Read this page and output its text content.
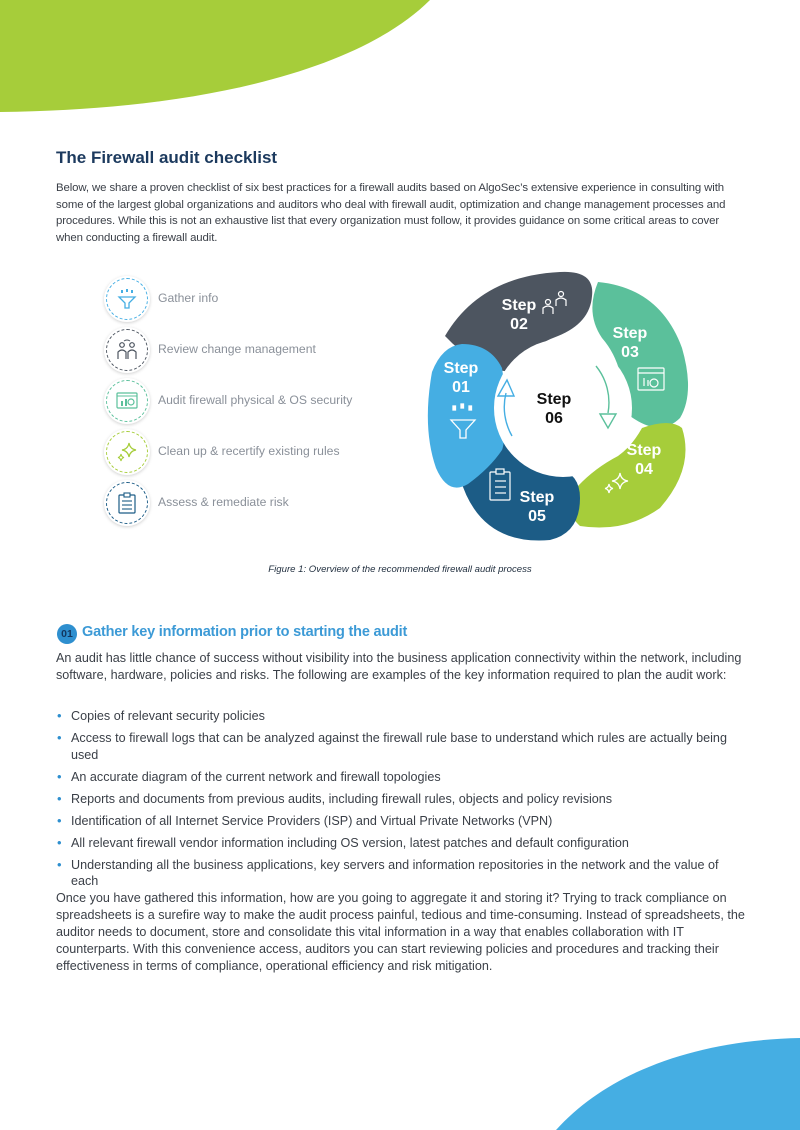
The Firewall audit checklist
Below, we share a proven checklist of six best practices for a firewall audits based on AlgoSec’s extensive experience in consulting with some of the largest global organizations and auditors who deal with firewall audit, optimization and change management processes and procedures. While this is not an exhaustive list that every organization must follow, it provides guidance on some critical areas to cover when conducting a firewall audit.
Gather info
Review change management
Audit firewall physical & OS security
Clean up & recertify existing rules
Assess & remediate risk
Step
02
Step
03
Step
01
Step
04
Step
05
Step
06
Figure 1: Overview of the recommended firewall audit process
01 Gather key information prior to starting the audit
An audit has little chance of success without visibility into the business application connectivity within the network, including software, hardware, policies and risks. The following are examples of the key information required to plan the audit work:
• Copies of relevant security policies
• Access to firewall logs that can be analyzed against the firewall rule base to understand which rules are actually being used
• An accurate diagram of the current network and firewall topologies
• Reports and documents from previous audits, including firewall rules, objects and policy revisions
• Identification of all Internet Service Providers (ISP) and Virtual Private Networks (VPN)
• All relevant firewall vendor information including OS version, latest patches and default configuration
• Understanding all the business applications, key servers and information repositories in the network and the value of each
Once you have gathered this information, how are you going to aggregate it and storing it? Trying to track compliance on spreadsheets is a surefire way to make the audit process painful, tedious and time-consuming. Instead of spreadsheets, the auditor needs to document, store and consolidate this vital information in a way that enables collaboration with IT counterparts. With this convenience access, auditors you can start reviewing policies and procedures and tracking their effectiveness in terms of compliance, operational efficiency and risk mitigation.
